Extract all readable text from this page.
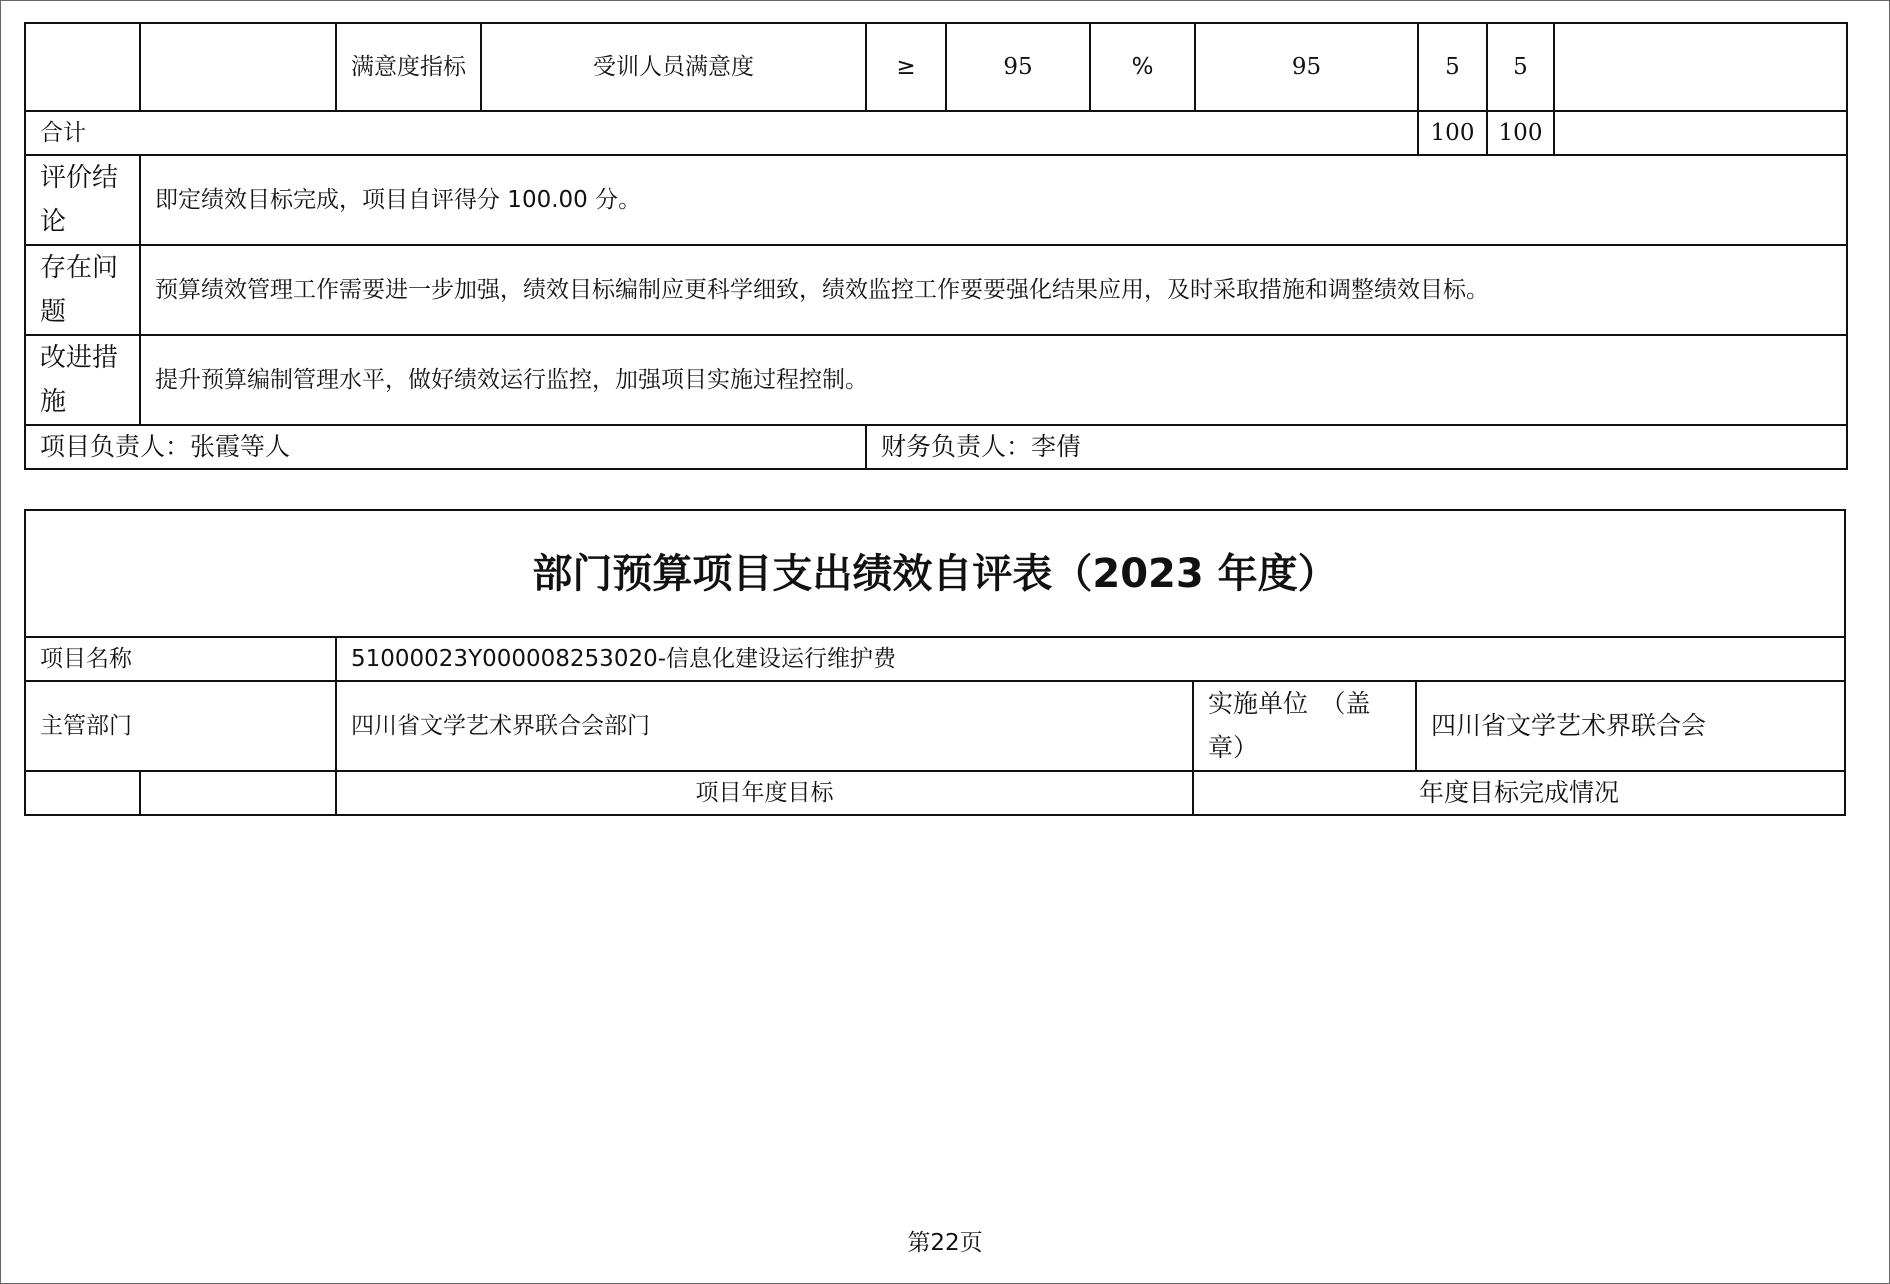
		满意度指标	受训人员满意度	≥	95	%	95	5	5	
合计								100	100	
评价结论	即定绩效目标完成，项目自评得分 100.00 分。									
存在问题	预算绩效管理工作需要进一步加强，绩效目标编制应更科学细致，绩效监控工作要要强化结果应用，及时采取措施和调整绩效目标。									
改进措施	提升预算编制管理水平，做好绩效运行监控，加强项目实施过程控制。									
项目负责人：张霞等人				财务负责人：李倩						
部门预算项目支出绩效自评表（2023 年度）				
项目名称		51000023Y000008253020-信息化建设运行维护费		
主管部门		四川省文学艺术界联合会部门	实施单位　（盖章）	四川省文学艺术界联合会
		项目年度目标	年度目标完成情况	
第22页
